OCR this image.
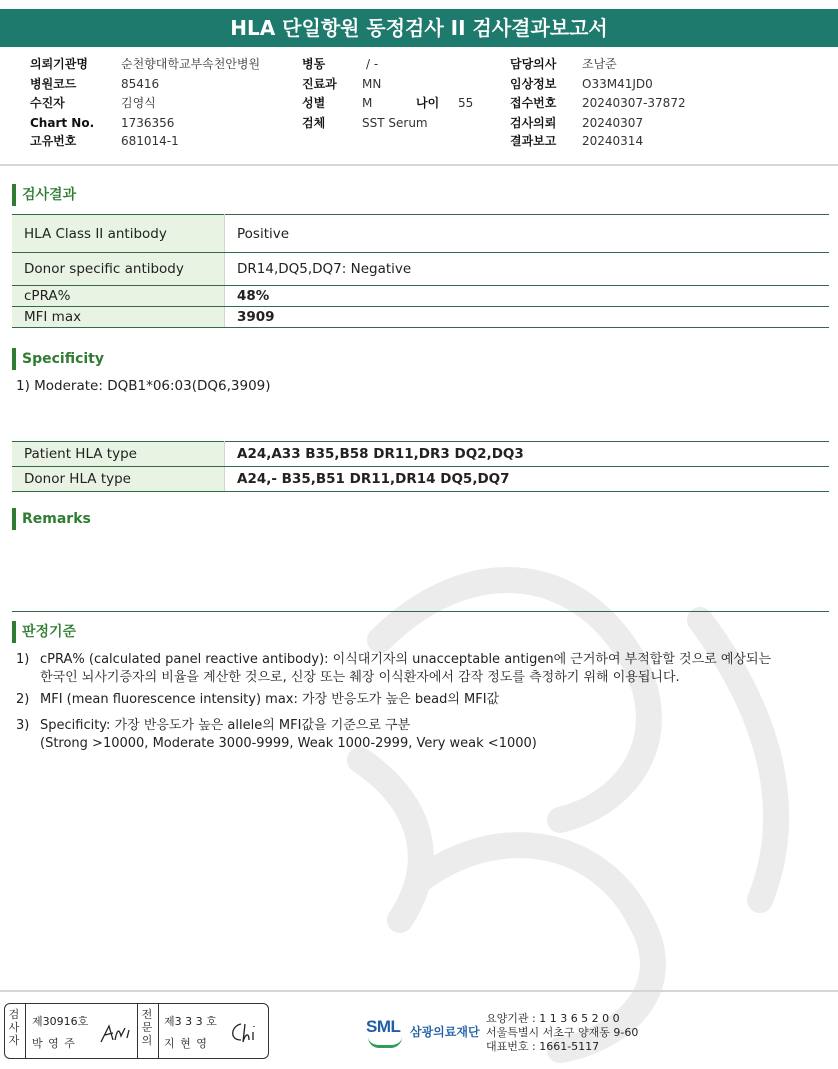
HLA 단일항원 동정검사 II 검사결과보고서
의뢰기관명	순천향대학교부속천안병원
병원코드	85416
수진자	김영식
Chart No. 1736356
고유번호	681014-1
병동	/ -
진료과 MN
성별	M
검체	SST Serum
나이 55
담당의사 조남준
임상정보 O33M41JD0
접수번호 20240307-37872
검사의뢰 20240307
결과보고 20240314
검사결과
HLA Class II antibody	Positive
Donor specific antibody	DR14,DQ5,DQ7: Negative
cPRA%	48%
MFI max	3909
Specificity
1) Moderate: DQB1*06:03(DQ6,3909)
Patient HLA type	A24,A33 B35,B58 DR11,DR3 DQ2,DQ3
Donor HLA type	A24,- B35,B51 DR11,DR14 DQ5,DQ7
Remarks
판정기준
1) cPRA% (calculated panel reactive antibody): 이식대기자의 unacceptable antigen에 근거하여 부적합할 것으로 예상되는
한국인 뇌사기증자의 비율을 계산한 것으로, 신장 또는 췌장 이식환자에서 감작 정도를 측정하기 위해 이용됩니다.
2) MFI (mean fluorescence intensity) max: 가장 반응도가 높은 bead의 MFI값
3) Specificity: 가장 반응도가 높은 allele의 MFI값을 기준으로 구분
(Strong >10000, Moderate 3000-9999, Weak 1000-2999, Very weak <1000)
검사자
제30916호
박 영 주
전문의
제3 3 3 호
지 현 영
SML 삼광의료재단
요양기관 : 1 1 3 6 5 2 0 0
서울특별시 서초구 양재동 9-60
대표번호 : 1661-5117
